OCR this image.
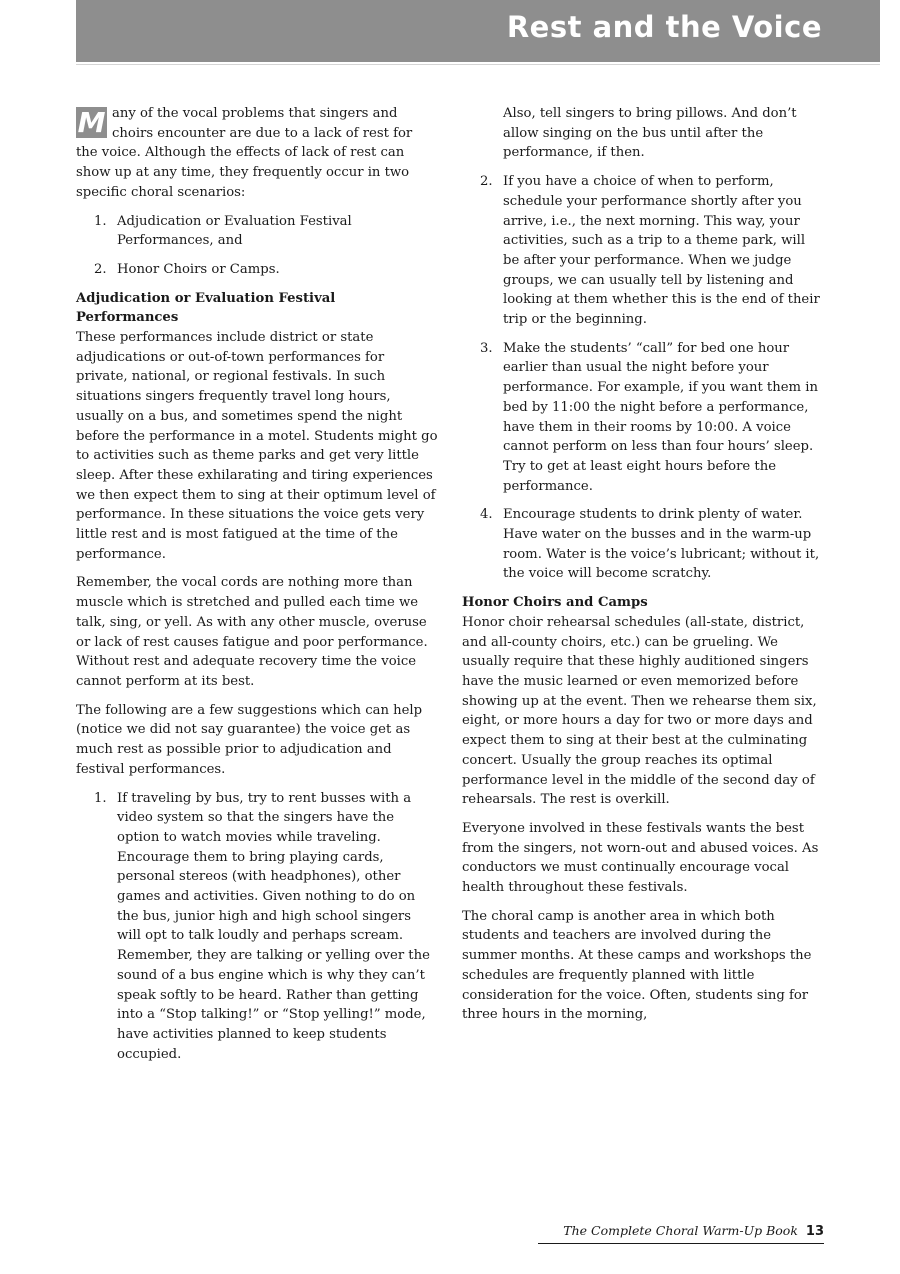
Rest and the Voice

M any of the vocal problems that singers and choirs encounter are due to a lack of rest for the voice. Although the effects of lack of rest can show up at any time, they frequently occur in two specific choral scenarios:

1. Adjudication or Evaluation Festival Performances, and
2. Honor Choirs or Camps.
Adjudication or Evaluation Festival Performances

These performances include district or state adjudications or out-of-town performances for private, national, or regional festivals. In such situations singers frequently travel long hours, usually on a bus, and sometimes spend the night before the performance in a motel. Students might go to activities such as theme parks and get very little sleep. After these exhilarating and tiring experiences we then expect them to sing at their optimum level of performance. In these situations the voice gets very little rest and is most fatigued at the time of the performance.

Remember, the vocal cords are nothing more than muscle which is stretched and pulled each time we talk, sing, or yell. As with any other muscle, overuse or lack of rest causes fatigue and poor performance. Without rest and adequate recovery time the voice cannot perform at its best.

The following are a few suggestions which can help (notice we did not say guarantee) the voice get as much rest as possible prior to adjudication and festival performances.

1. If traveling by bus, try to rent busses with a video system so that the singers have the option to watch movies while traveling. Encourage them to bring playing cards, personal stereos (with headphones), other games and activities. Given nothing to do on the bus, junior high and high school singers will opt to talk loudly and perhaps scream. Remember, they are talking or yelling over the sound of a bus engine which is why they can’t speak softly to be heard. Rather than getting into a “Stop talking!” or “Stop yelling!” mode, have activities planned to keep students occupied.
Also, tell singers to bring pillows. And don’t allow singing on the bus until after the performance, if then.
2. If you have a choice of when to perform, schedule your performance shortly after you arrive, i.e., the next morning. This way, your activities, such as a trip to a theme park, will be after your performance. When we judge groups, we can usually tell by listening and looking at them whether this is the end of their trip or the beginning.
3. Make the students’ “call” for bed one hour earlier than usual the night before your performance. For example, if you want them in bed by 11:00 the night before a performance, have them in their rooms by 10:00. A voice cannot perform on less than four hours’ sleep. Try to get at least eight hours before the performance.
4. Encourage students to drink plenty of water. Have water on the busses and in the warm-up room. Water is the voice’s lubricant; without it, the voice will become scratchy.
Honor Choirs and Camps

Honor choir rehearsal schedules (all-state, district, and all-county choirs, etc.) can be grueling. We usually require that these highly auditioned singers have the music learned or even memorized before showing up at the event. Then we rehearse them six, eight, or more hours a day for two or more days and expect them to sing at their best at the culminating concert. Usually the group reaches its optimal performance level in the middle of the second day of rehearsals. The rest is overkill.

Everyone involved in these festivals wants the best from the singers, not worn-out and abused voices. As conductors we must continually encourage vocal health throughout these festivals.

The choral camp is another area in which both students and teachers are involved during the summer months. At these camps and workshops the schedules are frequently planned with little consideration for the voice. Often, students sing for three hours in the morning,

The Complete Choral Warm-Up Book 13
